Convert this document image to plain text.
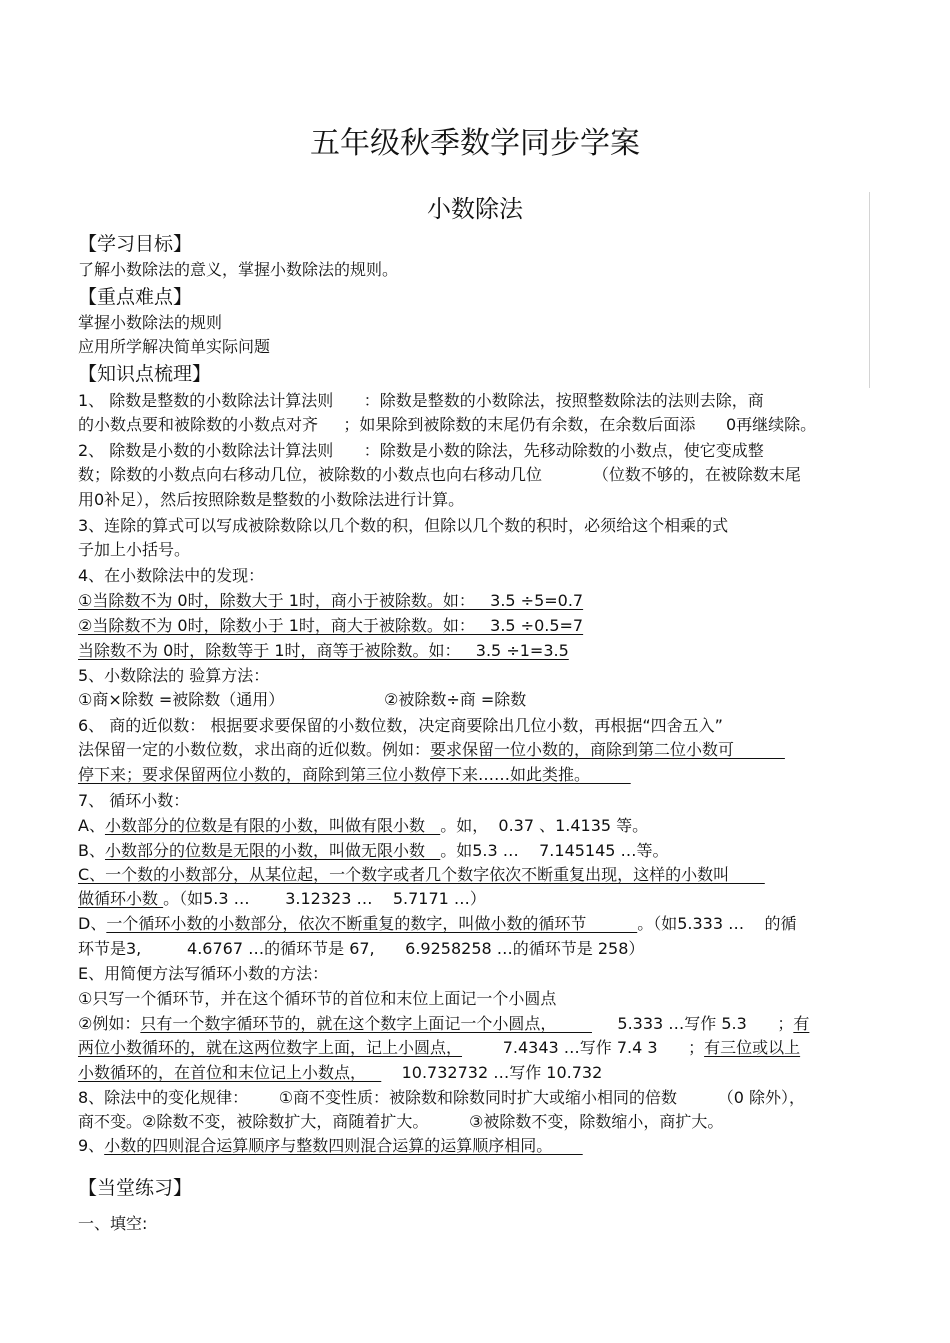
五年级秋季数学同步学案
小数除法
【学习目标】
了解小数除法的意义，掌握小数除法的规则。
【重点难点】
掌握小数除法的规则
应用所学解决简单实际问题
【知识点梳理】
1、 除数是整数的小数除法计算法则      ：除数是整数的小数除法，按照整数除法的法则去除，商
的小数点要和被除数的小数点对齐     ；如果除到被除数的末尾仍有余数，在余数后面添      0再继续除。
2、 除数是小数的小数除法计算法则      ：除数是小数的除法，先移动除数的小数点，使它变成整
数；除数的小数点向右移动几位，被除数的小数点也向右移动几位          （位数不够的，在被除数末尾
用0补足），然后按照除数是整数的小数除法进行计算。
3、连除的算式可以写成被除数除以几个数的积，但除以几个数的积时，必须给这个相乘的式
子加上小括号。
4、在小数除法中的发现：
①当除数不为 0时，除数大于 1时，商小于被除数。如：   3.5 ÷5=0.7
②当除数不为 0时，除数小于 1时，商大于被除数。如：   3.5 ÷0.5=7
当除数不为 0时，除数等于 1时，商等于被除数。如：   3.5 ÷1=3.5
5、小数除法的 验算方法：
①商×除数 =被除数（通用）	②被除数÷商 =除数
6、 商的近似数： 根据要求要保留的小数位数，决定商要除出几位小数，再根据“四舍五入”
法保留一定的小数位数，求出商的近似数。例如：要求保留一位小数的，商除到第二位小数可
停下来；要求保留两位小数的，商除到第三位小数停下来……如此类推。
7、 循环小数：
A、小数部分的位数是有限的小数，叫做有限小数   。如，  0.37 、1.4135 等。
B、小数部分的位数是无限的小数，叫做无限小数   。如5.3 …    7.145145 …等。
C、一个数的小数部分，从某位起，一个数字或者几个数字依次不断重复出现，这样的小数叫
做循环小数 。（如5.3 …       3.12323 …    5.7171 …）
D、一个循环小数的小数部分，依次不断重复的数字，叫做小数的循环节          。（如5.333 …    的循
环节是3,         4.6767 …的循环节是 67,      6.9258258 …的循环节是 258）
E、用简便方法写循环小数的方法：
①只写一个循环节，并在这个循环节的首位和末位上面记一个小圆点
②例如：只有一个数字循环节的，就在这个数字上面记一个小圆点，            5.333 …写作 5.3      ；有
两位小数循环的，就在这两位数字上面，记上小圆点，        7.4343 …写作 7.4 3      ；有三位或以上
小数循环的，在首位和末位记上小数点，       10.732732 …写作 10.732
8、除法中的变化规律：      ①商不变性质：被除数和除数同时扩大或缩小相同的倍数        （0 除外），
商不变。②除数不变，被除数扩大，商随着扩大。        ③被除数不变，除数缩小，商扩大。
9、小数的四则混合运算顺序与整数四则混合运算的运算顺序相同。
【当堂练习】
一、填空:
